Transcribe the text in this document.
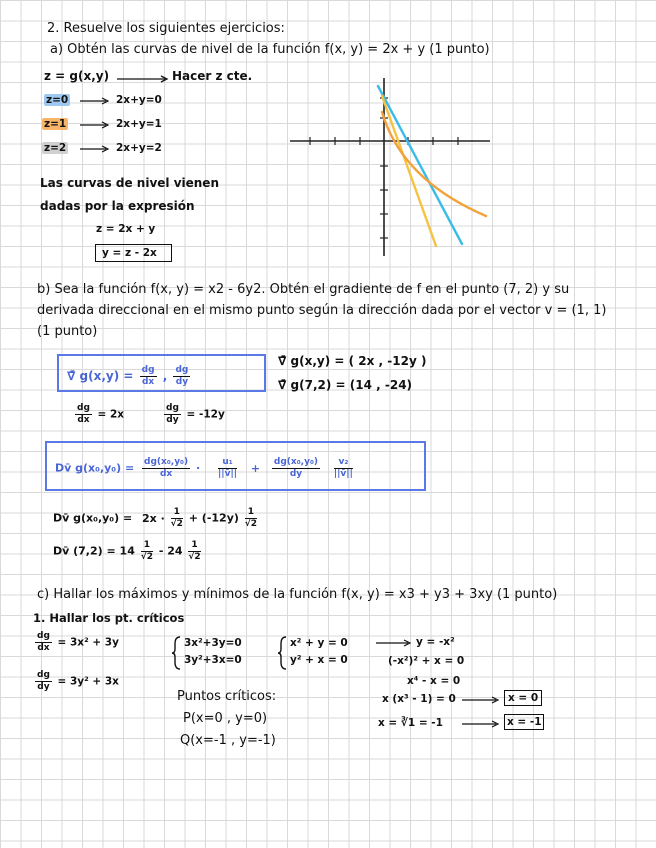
2. Resuelve los siguientes ejercicios:
a) Obtén las curvas de nivel de la función f(x, y) = 2x + y (1 punto)
z = g(x,y)	Hacer z cte.
z=0	2x+y=0
z=1	2x+y=1
z=2	2x+y=2
Las curvas de nivel vienen
dadas por la expresión
z = 2x + y
y = z - 2x
b) Sea la función f(x, y) = x2 - 6y2. Obtén el gradiente de f en el punto (7, 2) y su
derivada direccional en el mismo punto según la dirección dada por el vector v = (1, 1)
(1 punto)
∇̄ $g(x,y) = \frac{dg}{dx}$ , $\frac{dg}{dy}$
∇̄ g(x,y) = ( 2x , -12y )
∇̄ g(7,2) = (14 , -24)
$\frac{dg}{dx} = 2x$	$\frac{dg}{dy} = -12y$
Dv̄ $g(x_0,y_0) = \frac{\text{dg(x₀,y₀)}}{dx} \cdot \frac{\text{u₁}}{||v̄||} + \frac{\text{dg(x₀,y₀)}}{dy}$
$\frac{\text{v₂}}{||v̄||}$
Dv̄ $g(x_0,y_0) = 2x \cdot \frac{1}{√2} + (-12y) \frac{1}{√2}$
Dv̄ $(7,2) = 14 \frac{1}{√2} - 24 \frac{1}{√2}$
c) Hallar los máximos y mínimos de la función f(x, y) = x3 + y3 + 3xy (1 punto)
1. Hallar los pt. críticos
$\frac{dg}{dx} = 3x^2 + 3y$
$\frac{dg}{dy} = 3y^2 + 3x$
3x²+3y=0
3y²+3x=0
x² + y = 0
y² + x = 0
y = -x²
(-x²)² + x = 0
x⁴ - x = 0
x (x³ - 1) = 0	x = 0
x = ∛1 = -1	x = -1
Puntos críticos:
P(x=0 , y=0)
Q(x=-1 , y=-1)
